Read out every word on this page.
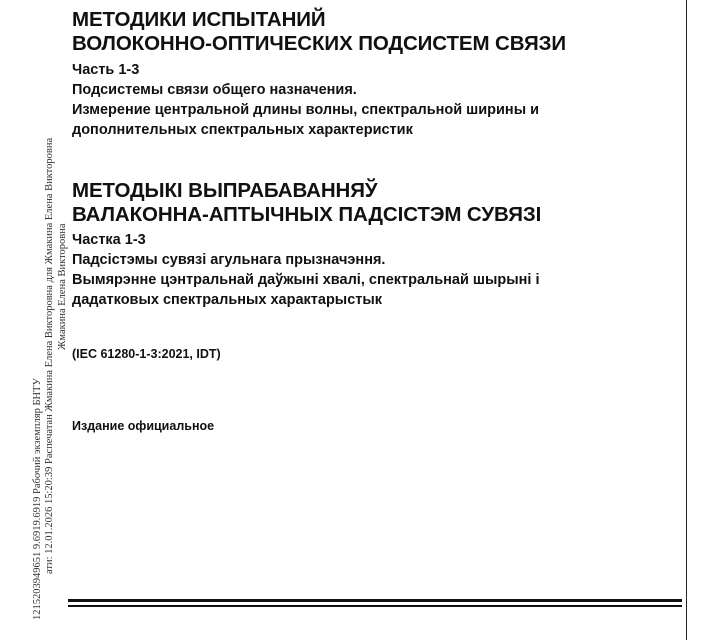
1215203949651 9.6919.6919 Рабочий экземпляр БНТУ ати: 12.01.2026 15:20:39 Распечатан Жмакина Елена Викторовна для Жмакина Елена Викторовна Жмакина Елена Викторовна
МЕТОДИКИ ИСПЫТАНИЙ
ВОЛОКОННО-ОПТИЧЕСКИХ ПОДСИСТЕМ СВЯЗИ
Часть 1-3
Подсистемы связи общего назначения.
Измерение центральной длины волны, спектральной ширины и
дополнительных спектральных характеристик
МЕТОДЫКІ ВЫПРАБАВАННЯЎ
ВАЛАКОННА-АПТЫЧНЫХ ПАДСІСТЭМ СУВЯЗІ
Частка 1-3
Падсістэмы сувязі агульнага прызначэння.
Вымярэнне цэнтральнай даўжыні хвалі, спектральнай шырыні і
дадатковых спектральных характарыстык
(IEC 61280-1-3:2021, IDT)
Издание официальное
